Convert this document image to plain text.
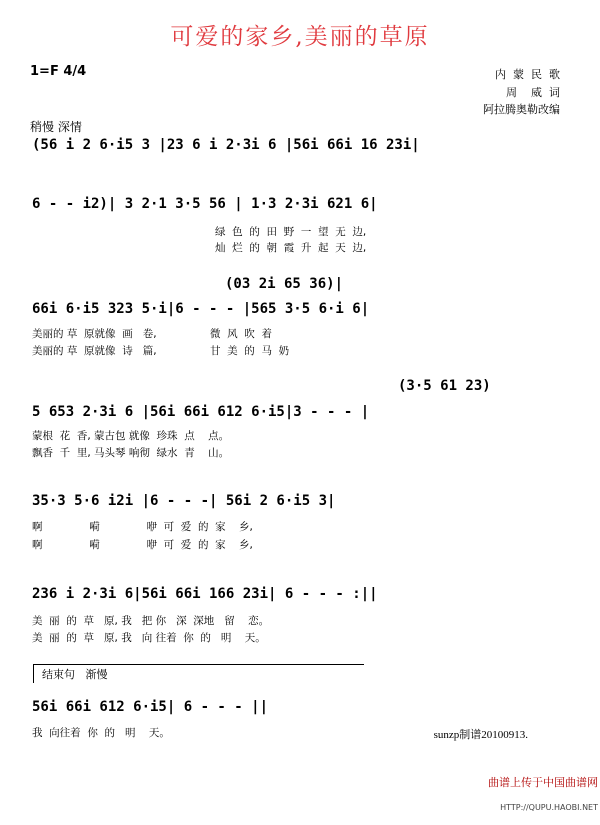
可爱的家乡,美丽的草原
1=F 4/4	内  蒙  民  歌
周    威  词
阿拉腾奥勒改编
稍慢 深情
(56 i 2 6·i5 3 |23 6 i 2·3i 6 |56i 66i 16 23i|
6 - - i2)| 3 2·1 3·5 56 | 1·3 2·3i 621 6|
绿  色  的  田  野  一  望  无  边,
灿  烂  的  朝  霞  升  起  天  边,
(03 2i 65 36)|
66i 6·i5 323 5·i|6 - - - |565 3·5 6·i 6|
美丽的 草  原就像  画   卷,                微  风  吹  着
美丽的 草  原就像  诗   篇,                甘  美  的  马  奶
(3·5 61 23)
5 653 2·3i 6 |56i 66i 612 6·i5|3 - - - |
蒙根  花  香, 蒙古包 就像  珍珠  点    点。
飘香  千  里, 马头琴 响彻  绿水  青    山。
35·3 5·6 i2i |6 - - -| 56i 2 6·i5 3|
啊              嗬              咿  可  爱  的  家    乡,
啊              嗬              咿  可  爱  的  家    乡,
236 i 2·3i 6|56i 66i 166 23i| 6 - - - :||
美  丽  的  草   原, 我   把 你   深  深地   留    恋。
美  丽  的  草   原, 我   向 往着  你  的   明    天。
结束句   渐慢
56i 66i 612 6·i5| 6 - - - ||
我  向往着  你  的   明    天。	sunzp制谱20100913.

曲谱上传于中国曲谱网

HTTP://QUPU.HAOBI.NET
